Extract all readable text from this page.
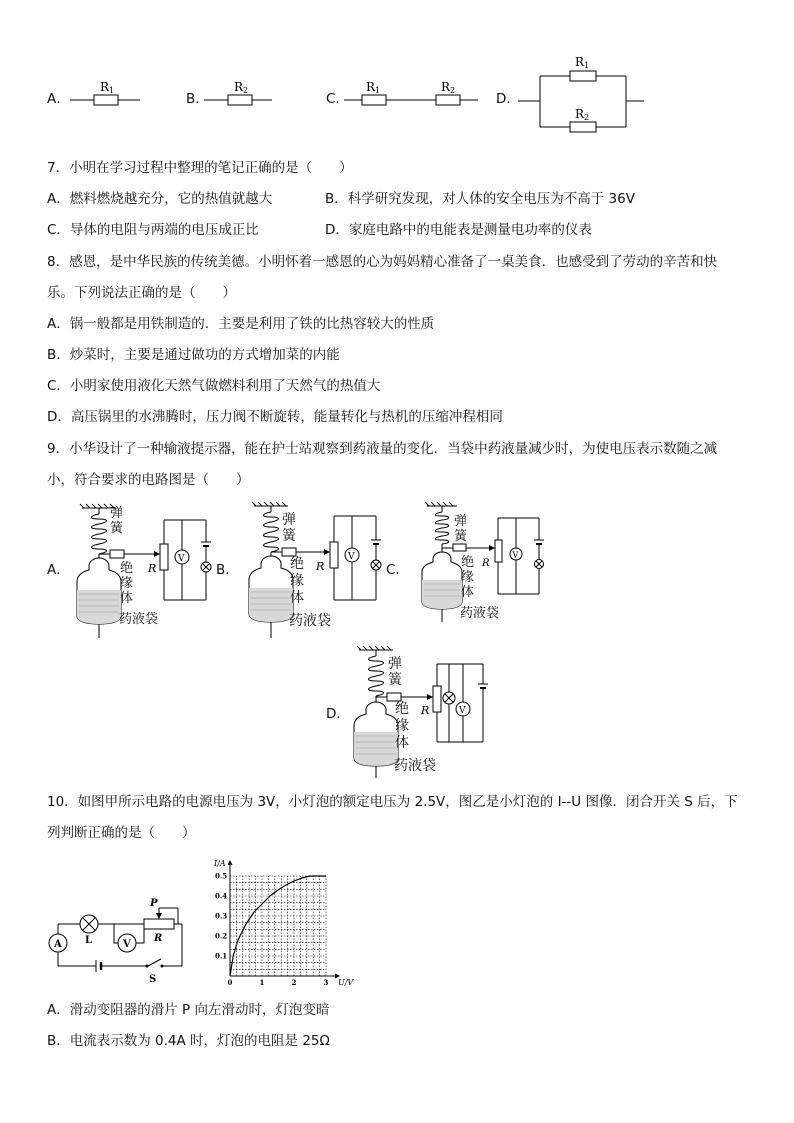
A．
R1
B．
R2
C．
R1	R2
D．
R1
R2
7．小明在学习过程中整理的笔记正确的是（　　）
A．燃料燃烧越充分，它的热值就越大	B．科学研究发现，对人体的安全电压为不高于 36V
C．导体的电阻与两端的电压成正比	D．家庭电路中的电能表是测量电功率的仪表
8．感恩，是中华民族的传统美德。小明怀着一感恩的心为妈妈精心准备了一桌美食．也感受到了劳动的辛苦和快
乐。下列说法正确的是（　　）
A．锅一般都是用铁制造的．主要是利用了铁的比热容较大的性质
B．炒菜时，主要是通过做功的方式增加菜的内能
C．小明家使用液化天然气做燃料利用了天然气的热值大
D．高压锅里的水沸腾时，压力阀不断旋转，能量转化与热机的压缩冲程相同
9．小华设计了一种输液提示器，能在护士站观察到药液量的变化．当袋中药液量减少时，为使电压表示数随之减
小，符合要求的电路图是（　　）
A．
V
R
弹簧
绝缘体
药液袋
B．
V
R
弹簧
绝缘体
药液袋
C．
V
R
弹簧
绝缘体
药液袋
D．	V
R
弹簧
绝缘体
药液袋
10．如图甲所示电路的电源电压为 3V，小灯泡的额定电压为 2.5V，图乙是小灯泡的 I--U 图像．闭合开关 S 后，下
列判断正确的是（　　）
A L
P
R
V
S	0	1	2	3
0.1
0.2
0.3
0.4
0.5
I/A
U/V
A．滑动变阻器的滑片 P 向左滑动时，灯泡变暗
B．电流表示数为 0.4A 时，灯泡的电阻是 25Ω
